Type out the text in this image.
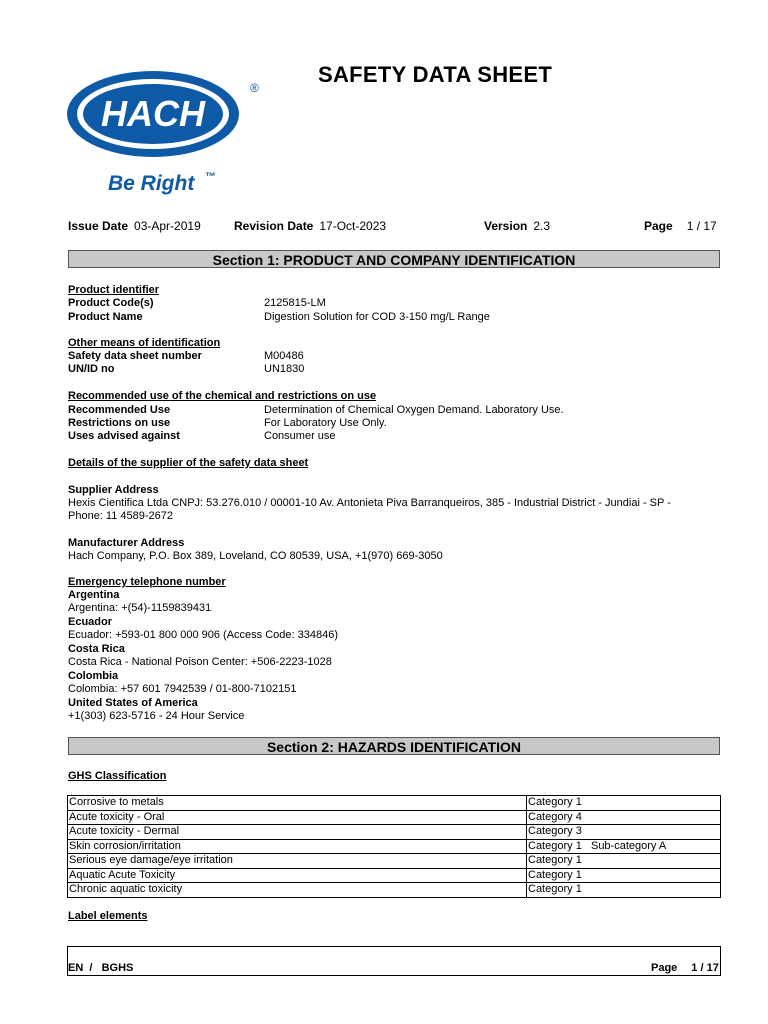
HACH
®
Be Right ™
SAFETY DATA SHEET
Issue Date 03-Apr-2019	Revision Date 17-Oct-2023	Version 2.3	Page 1 / 17
Section 1: PRODUCT AND COMPANY IDENTIFICATION
Product identifier
Product Code(s)	2125815-LM
Product Name	Digestion Solution for COD 3-150 mg/L Range
Other means of identification
Safety data sheet number	M00486
UN/ID no	UN1830
Recommended use of the chemical and restrictions on use
Recommended Use	Determination of Chemical Oxygen Demand. Laboratory Use.
Restrictions on use	For Laboratory Use Only.
Uses advised against	Consumer use
Details of the supplier of the safety data sheet
Supplier Address
Hexis Cientifica Ltda CNPJ: 53.276.010 / 00001-10 Av. Antonieta Piva Barranqueiros, 385 - Industrial District - Jundiai - SP -
Phone: 11 4589-2672
Manufacturer Address
Hach Company, P.O. Box 389, Loveland, CO 80539, USA, +1(970) 669-3050
Emergency telephone number
Argentina
Argentina: +(54)-1159839431
Ecuador
Ecuador: +593-01 800 000 906 (Access Code: 334846)
Costa Rica
Costa Rica - National Poison Center: +506-2223-1028
Colombia
Colombia: +57 601 7942539 / 01-800-7102151
United States of America
+1(303) 623-5716 - 24 Hour Service
Section 2: HAZARDS IDENTIFICATION
GHS Classification
Corrosive to metals	Category 1
Acute toxicity - Oral	Category 4
Acute toxicity - Dermal	Category 3
Skin corrosion/irritation	Category 1   Sub-category A
Serious eye damage/eye irritation	Category 1
Aquatic Acute Toxicity	Category 1
Chronic aquatic toxicity	Category 1
Label elements
EN  /   BGHS	Page 1 / 17
